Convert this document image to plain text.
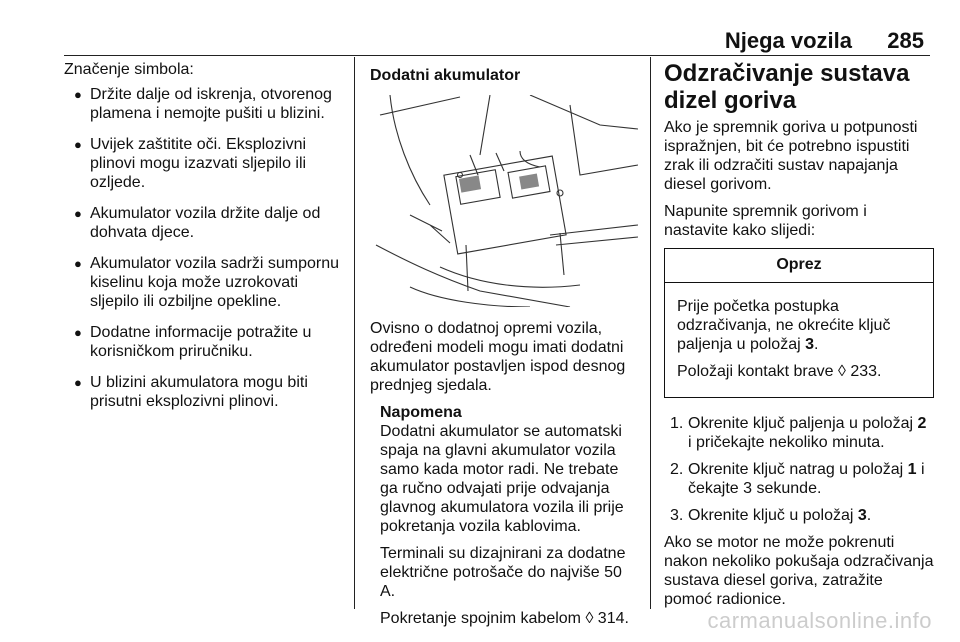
Njega vozila 285

Značenje simbola:

● Držite dalje od iskrenja, otvorenog plamena i nemojte pušiti u blizini.

● Uvijek zaštitite oči. Eksplozivni plinovi mogu izazvati sljepilo ili ozljede.

● Akumulator vozila držite dalje od dohvata djece.

● Akumulator vozila sadrži sumpornu kiselinu koja može uzrokovati sljepilo ili ozbiljne opekline.

● Dodatne informacije potražite u korisničkom priručniku.

● U blizini akumulatora mogu biti prisutni eksplozivni plinovi.

Dodatni akumulator

Ovisno o dodatnoj opremi vozila, određeni modeli mogu imati dodatni akumulator postavljen ispod desnog prednjeg sjedala.

Napomena

Dodatni akumulator se automatski spaja na glavni akumulator vozila samo kada motor radi. Ne trebate ga ručno odvajati prije odvajanja glavnog akumulatora vozila ili prije pokretanja vozila kablovima.

Terminali su dizajnirani za dodatne električne potrošače do najviše 50 A.

Pokretanje spojnim kabelom ◊ 314.

Odzračivanje sustava dizel goriva

Ako je spremnik goriva u potpunosti ispražnjen, bit će potrebno ispustiti zrak ili odzračiti sustav napajanja diesel gorivom.

Napunite spremnik gorivom i nastavite kako slijedi:

Oprez

Prije početka postupka odzračivanja, ne okrećite ključ paljenja u položaj 3.

Položaji kontakt brave ◊ 233.

1. Okrenite ključ paljenja u položaj 2 i pričekajte nekoliko minuta.
2. Okrenite ključ natrag u položaj 1 i čekajte 3 sekunde.
3. Okrenite ključ u položaj 3.

Ako se motor ne može pokrenuti nakon nekoliko pokušaja odzračivanja sustava diesel goriva, zatražite pomoć radionice.

carmanualsonline.info
